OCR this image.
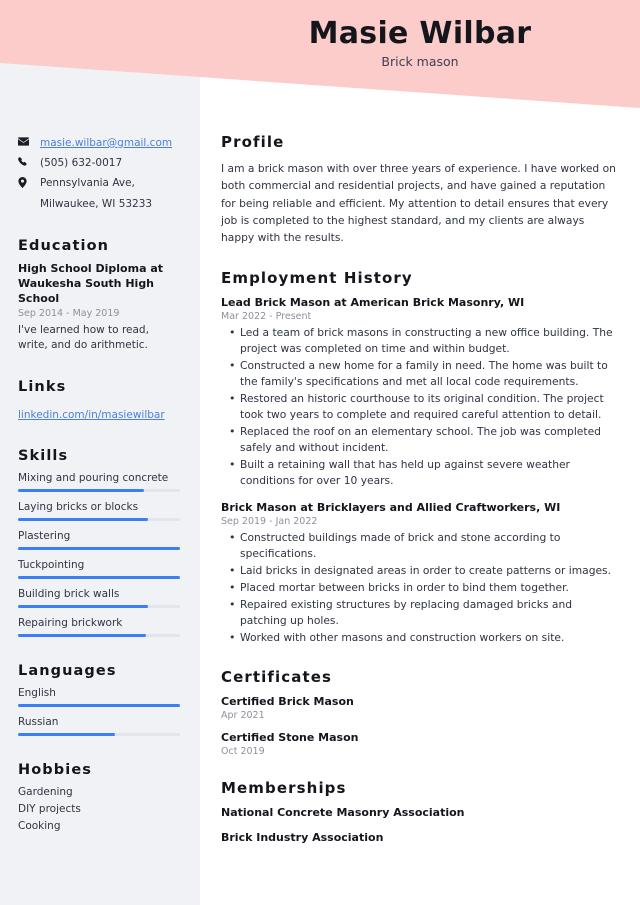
Masie Wilbar
Brick mason
masie.wilbar@gmail.com
(505) 632-0017
Pennsylvania Ave,
Milwaukee, WI 53233
Education
High School Diploma at Waukesha South High School
Sep 2014 - May 2019
I've learned how to read, write, and do arithmetic.
Links
linkedin.com/in/masiewilbar
Skills
Mixing and pouring concrete
Laying bricks or blocks
Plastering
Tuckpointing
Building brick walls
Repairing brickwork
Languages
English
Russian
Hobbies
Gardening
DIY projects
Cooking
Profile
I am a brick mason with over three years of experience. I have worked on both commercial and residential projects, and have gained a reputation for being reliable and efficient. My attention to detail ensures that every job is completed to the highest standard, and my clients are always happy with the results.
Employment History
Lead Brick Mason at American Brick Masonry, WI
Mar 2022 - Present
• Led a team of brick masons in constructing a new office building. The project was completed on time and within budget.
• Constructed a new home for a family in need. The home was built to the family's specifications and met all local code requirements.
• Restored an historic courthouse to its original condition. The project took two years to complete and required careful attention to detail.
• Replaced the roof on an elementary school. The job was completed safely and without incident.
• Built a retaining wall that has held up against severe weather conditions for over 10 years.
Brick Mason at Bricklayers and Allied Craftworkers, WI
Sep 2019 - Jan 2022
• Constructed buildings made of brick and stone according to specifications.
• Laid bricks in designated areas in order to create patterns or images.
• Placed mortar between bricks in order to bind them together.
• Repaired existing structures by replacing damaged bricks and patching up holes.
• Worked with other masons and construction workers on site.
Certificates
Certified Brick Mason
Apr 2021
Certified Stone Mason
Oct 2019
Memberships
National Concrete Masonry Association
Brick Industry Association
